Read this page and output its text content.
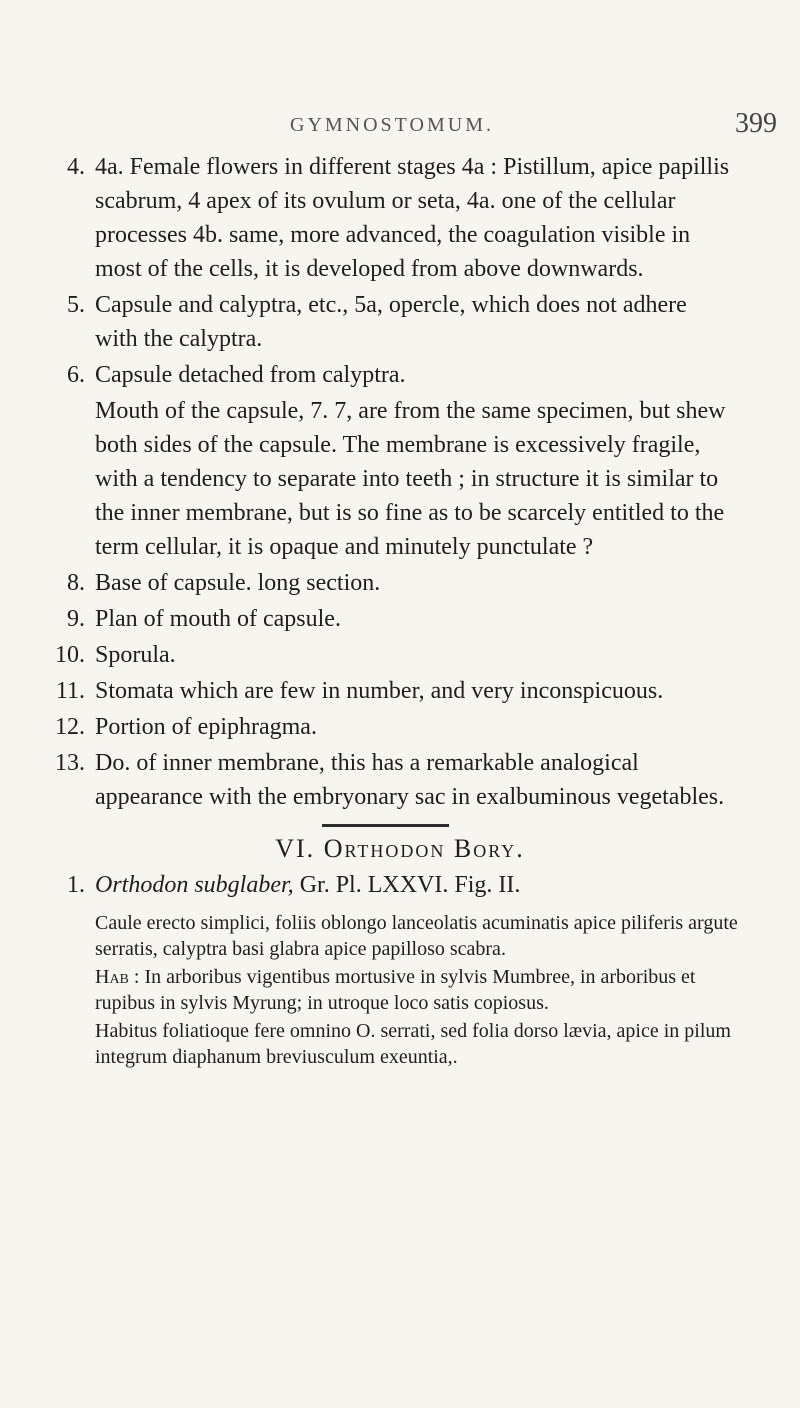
GYMNOSTOMUM.	399
4. 4a. Female flowers in different stages 4a : Pistillum, apice papillis scabrum, 4 apex of its ovulum or seta, 4a. one of the cellular processes 4b. same, more advanced, the coagulation visible in most of the cells, it is developed from above downwards.
5. Capsule and calyptra, etc., 5a, opercle, which does not adhere with the calyptra.
6. Capsule detached from calyptra.
Mouth of the capsule, 7. 7, are from the same specimen, but shew both sides of the capsule. The membrane is excessively fragile, with a tendency to separate into teeth ; in structure it is similar to the inner membrane, but is so fine as to be scarcely entitled to the term cellular, it is opaque and minutely punctulate ?
8. Base of capsule. long section.
9. Plan of mouth of capsule.
10. Sporula.
11. Stomata which are few in number, and very inconspicuous.
12. Portion of epiphragma.
13. Do. of inner membrane, this has a remarkable analogical appearance with the embryonary sac in exalbuminous vegetables.
VI. Orthodon Bory.
1. Orthodon subglaber, Gr. Pl. LXXVI. Fig. II.
Caule erecto simplici, foliis oblongo lanceolatis acuminatis apice piliferis argute serratis, calyptra basi glabra apice papilloso scabra.
Hab : In arboribus vigentibus mortusive in sylvis Mumbree, in arboribus et rupibus in sylvis Myrung; in utroque loco satis copiosus.
Habitus foliatioque fere omnino O. serrati, sed folia dorso lævia, apice in pilum integrum diaphanum breviusculum exeuntia,.
